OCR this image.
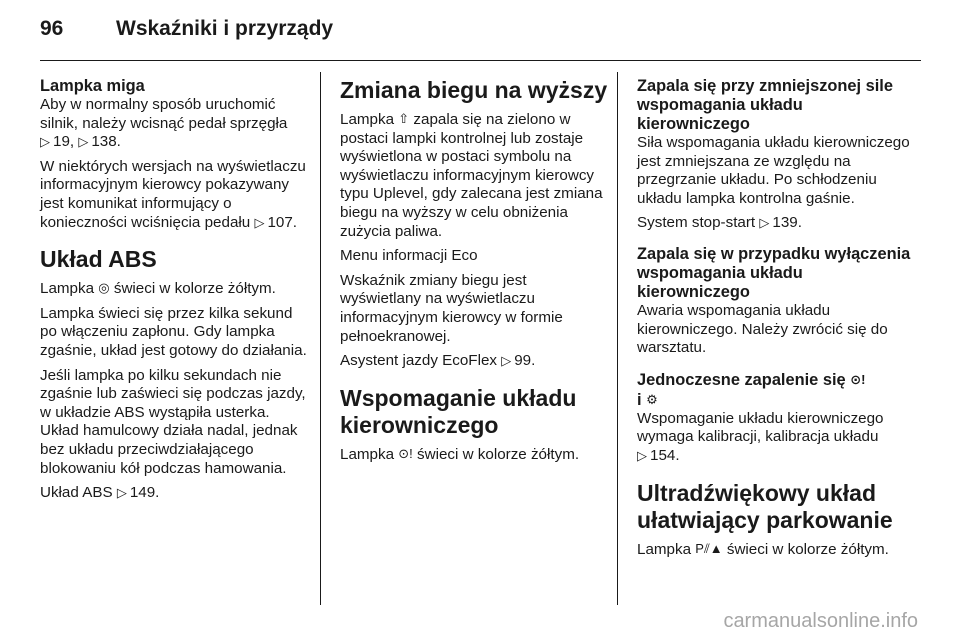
96	Wskaźniki i przyrządy
Lampka miga

Aby w normalny sposób uruchomić silnik, należy wcisnąć pedał sprzęgła ▷ 19, ▷ 138.

W niektórych wersjach na wyświetlaczu informacyjnym kierowcy pokazywany jest komunikat informujący o konieczności wciśnięcia pedału ▷ 107.

Układ ABS

Lampka ◎ świeci w kolorze żółtym.

Lampka świeci się przez kilka sekund po włączeniu zapłonu. Gdy lampka zgaśnie, układ jest gotowy do działania.

Jeśli lampka po kilku sekundach nie zgaśnie lub zaświeci się podczas jazdy, w układzie ABS wystąpiła usterka. Układ hamulcowy działa nadal, jednak bez układu przeciwdziałającego blokowaniu kół podczas hamowania.

Układ ABS ▷ 149.

Zmiana biegu na wyższy

Lampka ⇧ zapala się na zielono w postaci lampki kontrolnej lub zostaje wyświetlona w postaci symbolu na wyświetlaczu informacyjnym kierowcy typu Uplevel, gdy zalecana jest zmiana biegu na wyższy w celu obniżenia zużycia paliwa.

Menu informacji Eco

Wskaźnik zmiany biegu jest wyświetlany na wyświetlaczu informacyjnym kierowcy w formie pełnoekranowej.

Asystent jazdy EcoFlex ▷ 99.

Wspomaganie układu kierowniczego

Lampka ⊙! świeci w kolorze żółtym.

Zapala się przy zmniejszonej sile wspomagania układu kierowniczego

Siła wspomagania układu kierowniczego jest zmniejszana ze względu na przegrzanie układu. Po schłodzeniu układu lampka kontrolna gaśnie.

System stop-start ▷ 139.

Zapala się w przypadku wyłączenia wspomagania układu kierowniczego

Awaria wspomagania układu kierowniczego. Należy zwrócić się do warsztatu.

Jednoczesne zapalenie się ⊙!
i ⚙

Wspomaganie układu kierowniczego wymaga kalibracji, kalibracja układu ▷ 154.

Ultradźwiękowy układ ułatwiający parkowanie

Lampka P⫽▲ świeci w kolorze żółtym.

carmanualsonline.info
